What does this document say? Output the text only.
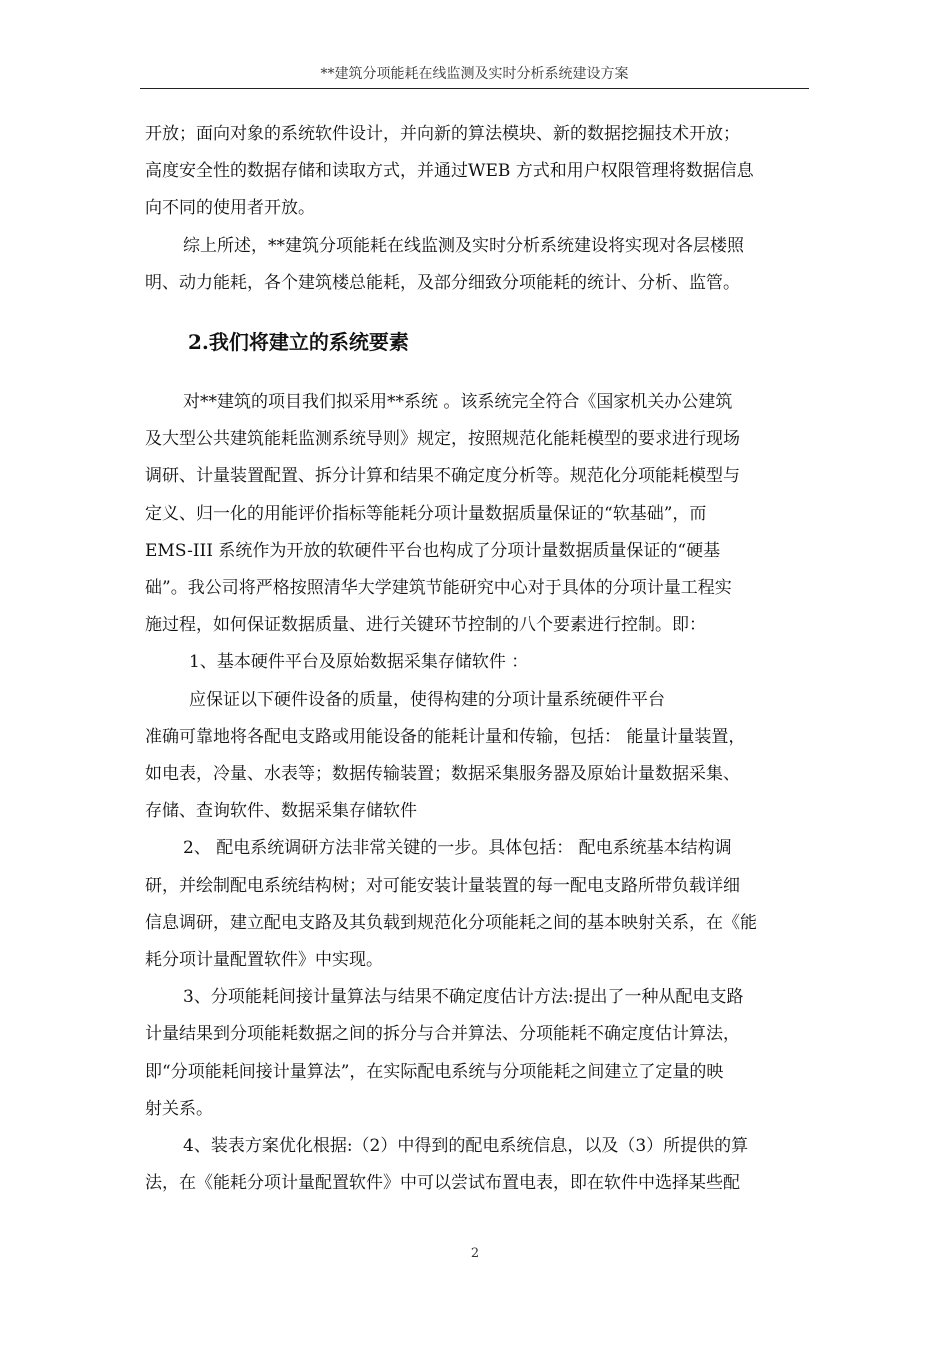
**建筑分项能耗在线监测及实时分析系统建设方案

开放；面向对象的系统软件设计，并向新的算法模块、新的数据挖掘技术开放；

高度安全性的数据存储和读取方式，并通过WEB 方式和用户权限管理将数据信息

向不同的使用者开放。

综上所述，**建筑分项能耗在线监测及实时分析系统建设将实现对各层楼照

明、动力能耗，各个建筑楼总能耗，及部分细致分项能耗的统计、分析、监管。

2.我们将建立的系统要素

对**建筑的项目我们拟采用**系统 。该系统完全符合《国家机关办公建筑

及大型公共建筑能耗监测系统导则》规定，按照规范化能耗模型的要求进行现场

调研、计量装置配置、拆分计算和结果不确定度分析等。规范化分项能耗模型与

定义、归一化的用能评价指标等能耗分项计量数据质量保证的“软基础”，而

EMS-III 系统作为开放的软硬件平台也构成了分项计量数据质量保证的“硬基

础”。我公司将严格按照清华大学建筑节能研究中心对于具体的分项计量工程实

施过程，如何保证数据质量、进行关键环节控制的八个要素进行控制。即：

1、基本硬件平台及原始数据采集存储软件 ：

应保证以下硬件设备的质量，使得构建的分项计量系统硬件平台

准确可靠地将各配电支路或用能设备的能耗计量和传输，包括： 能量计量装置，

如电表，冷量、水表等；数据传输装置；数据采集服务器及原始计量数据采集、

存储、查询软件、数据采集存储软件

2、 配电系统调研方法非常关键的一步。具体包括： 配电系统基本结构调

研，并绘制配电系统结构树；对可能安装计量装置的每一配电支路所带负载详细

信息调研，建立配电支路及其负载到规范化分项能耗之间的基本映射关系，在《能

耗分项计量配置软件》中实现。

3、分项能耗间接计量算法与结果不确定度估计方法:提出了一种从配电支路

计量结果到分项能耗数据之间的拆分与合并算法、分项能耗不确定度估计算法，

即“分项能耗间接计量算法”，在实际配电系统与分项能耗之间建立了定量的映

射关系。

4、装表方案优化根据:（2）中得到的配电系统信息，以及（3）所提供的算

法，在《能耗分项计量配置软件》中可以尝试布置电表，即在软件中选择某些配

2
